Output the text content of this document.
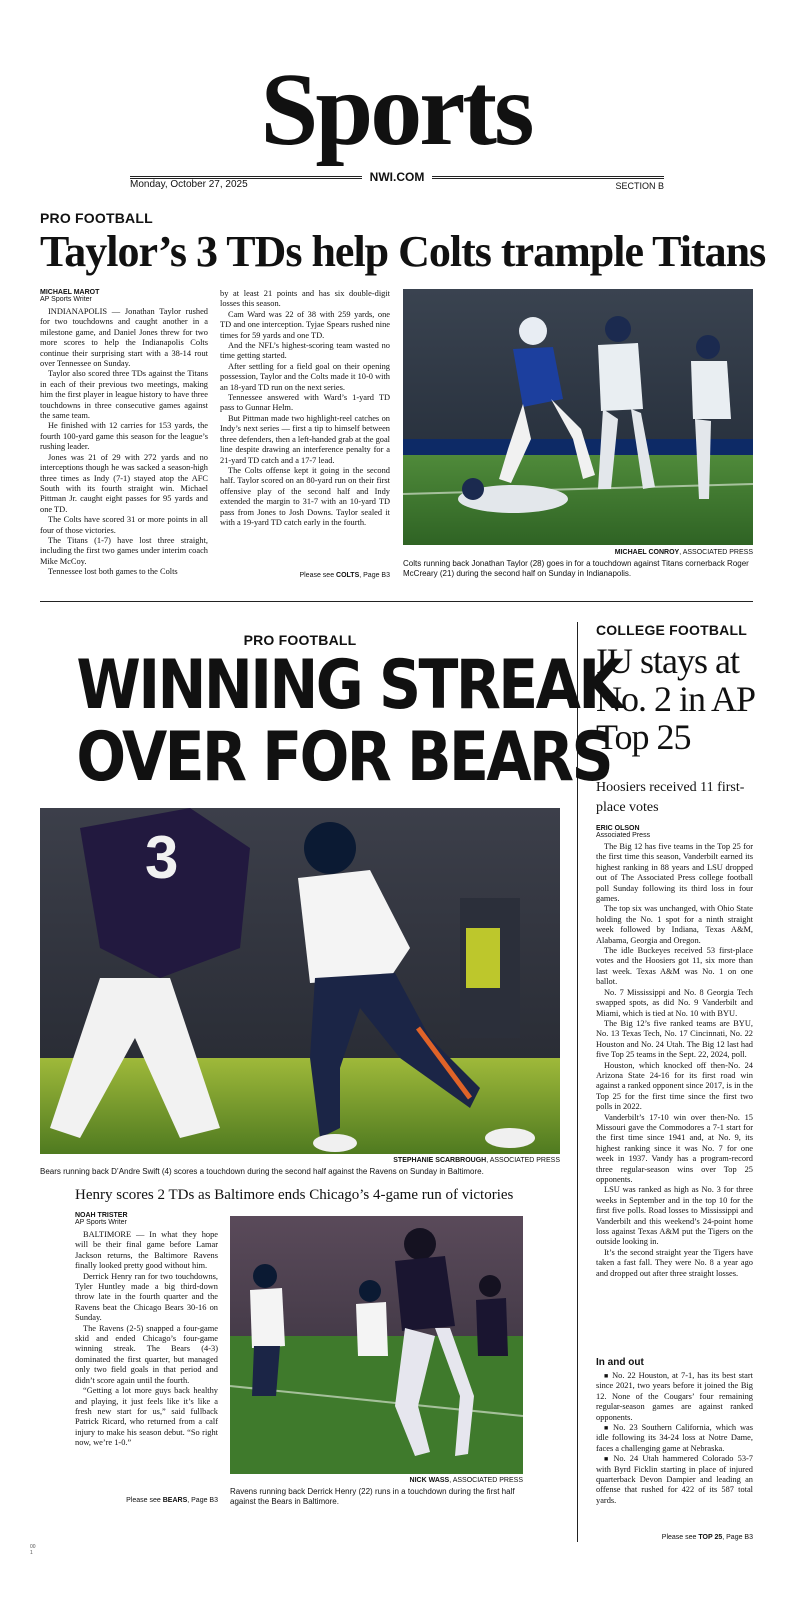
Sports
Monday, October 27, 2025
NWI.COM
SECTION B
PRO FOOTBALL
Taylor’s 3 TDs help Colts trample Titans
MICHAEL MAROT
AP Sports Writer

INDIANAPOLIS — Jonathan Taylor rushed for two touchdowns and caught another in a milestone game, and Daniel Jones threw for two more scores to help the Indianapolis Colts continue their surprising start with a 38-14 rout over Tennessee on Sunday.

Taylor also scored three TDs against the Titans in each of their previous two meetings, making him the first player in league history to have three touchdowns in three consecutive games against the same team.

He finished with 12 carries for 153 yards, the fourth 100-yard game this season for the league’s rushing leader.

Jones was 21 of 29 with 272 yards and no interceptions though he was sacked a season-high three times as Indy (7-1) stayed atop the AFC South with its fourth straight win. Michael Pittman Jr. caught eight passes for 95 yards and one TD.

The Colts have scored 31 or more points in all four of those victories.

The Titans (1-7) have lost three straight, including the first two games under interim coach Mike McCoy.

Tennessee lost both games to the Colts

by at least 21 points and has six double-digit losses this season.

Cam Ward was 22 of 38 with 259 yards, one TD and one interception. Tyjae Spears rushed nine times for 59 yards and one TD.

And the NFL’s highest-scoring team wasted no time getting started.

After settling for a field goal on their opening possession, Taylor and the Colts made it 10-0 with an 18-yard TD run on the next series.

Tennessee answered with Ward’s 1-yard TD pass to Gunnar Helm.

But Pittman made two highlight-reel catches on Indy’s next series — first a tip to himself between three defenders, then a left-handed grab at the goal line despite drawing an interference penalty for a 21-yard TD catch and a 17-7 lead.

The Colts offense kept it going in the second half. Taylor scored on an 80-yard run on their first offensive play of the second half and Indy extended the margin to 31-7 with an 10-yard TD pass from Jones to Josh Downs. Taylor sealed it with a 19-yard TD catch early in the fourth.

Please see COLTS, Page B3
MICHAEL CONROY, ASSOCIATED PRESS
Colts running back Jonathan Taylor (28) goes in for a touchdown against Titans cornerback Roger McCreary (21) during the second half on Sunday in Indianapolis.
PRO FOOTBALL
WINNING STREAK
OVER FOR BEARS
3
STEPHANIE SCARBROUGH, ASSOCIATED PRESS
Bears running back D’Andre Swift (4) scores a touchdown during the second half against the Ravens on Sunday in Baltimore.
Henry scores 2 TDs as Baltimore ends Chicago’s 4-game run of victories
NOAH TRISTER
AP Sports Writer

BALTIMORE — In what they hope will be their final game before Lamar Jackson returns, the Baltimore Ravens finally looked pretty good without him.

Derrick Henry ran for two touchdowns, Tyler Huntley made a big third-down throw late in the fourth quarter and the Ravens beat the Chicago Bears 30-16 on Sunday.

The Ravens (2-5) snapped a four-game skid and ended Chicago’s four-game winning streak. The Bears (4-3) dominated the first quarter, but managed only two field goals in that period and didn’t score again until the fourth.

“Getting a lot more guys back healthy and playing, it just feels like it’s like a fresh new start for us,” said fullback Patrick Ricard, who returned from a calf injury to make his season debut. “So right now, we’re 1-0.”

Please see BEARS, Page B3
NICK WASS, ASSOCIATED PRESS
Ravens running back Derrick Henry (22) runs in a touchdown during the first half against the Bears in Baltimore.
COLLEGE FOOTBALL
IU stays at No. 2 in AP Top 25
Hoosiers received 11 first-place votes
ERIC OLSON
Associated Press

The Big 12 has five teams in the Top 25 for the first time this season, Vanderbilt earned its highest ranking in 88 years and LSU dropped out of The Associated Press college football poll Sunday following its third loss in four games.

The top six was unchanged, with Ohio State holding the No. 1 spot for a ninth straight week followed by Indiana, Texas A&M, Alabama, Georgia and Oregon.

The idle Buckeyes received 53 first-place votes and the Hoosiers got 11, six more than last week. Texas A&M was No. 1 on one ballot.

No. 7 Mississippi and No. 8 Georgia Tech swapped spots, as did No. 9 Vanderbilt and Miami, which is tied at No. 10 with BYU.

The Big 12’s five ranked teams are BYU, No. 13 Texas Tech, No. 17 Cincinnati, No. 22 Houston and No. 24 Utah. The Big 12 last had five Top 25 teams in the Sept. 22, 2024, poll.

Houston, which knocked off then-No. 24 Arizona State 24-16 for its first road win against a ranked opponent since 2017, is in the Top 25 for the first time since the first two polls in 2022.

Vanderbilt’s 17-10 win over then-No. 15 Missouri gave the Commodores a 7-1 start for the first time since 1941 and, at No. 9, its highest ranking since it was No. 7 for one week in 1937. Vandy has a program-record three regular-season wins over Top 25 opponents.

LSU was ranked as high as No. 3 for three weeks in September and in the top 10 for the first five polls. Road losses to Mississippi and Vanderbilt and this weekend’s 24-point home loss against Texas A&M put the Tigers on the outside looking in.

It’s the second straight year the Tigers have taken a fast fall. They were No. 8 a year ago and dropped out after three straight losses.

In and out

■ No. 22 Houston, at 7-1, has its best start since 2021, two years before it joined the Big 12. None of the Cougars’ four remaining regular-season games are against ranked opponents.

■ No. 23 Southern California, which was idle following its 34-24 loss at Notre Dame, faces a challenging game at Nebraska.

■ No. 24 Utah hammered Colorado 53-7 with Byrd Ficklin starting in place of injured quarterback Devon Dampier and leading an offense that rushed for 422 of its 587 total yards.

Please see TOP 25, Page B3
00
1
